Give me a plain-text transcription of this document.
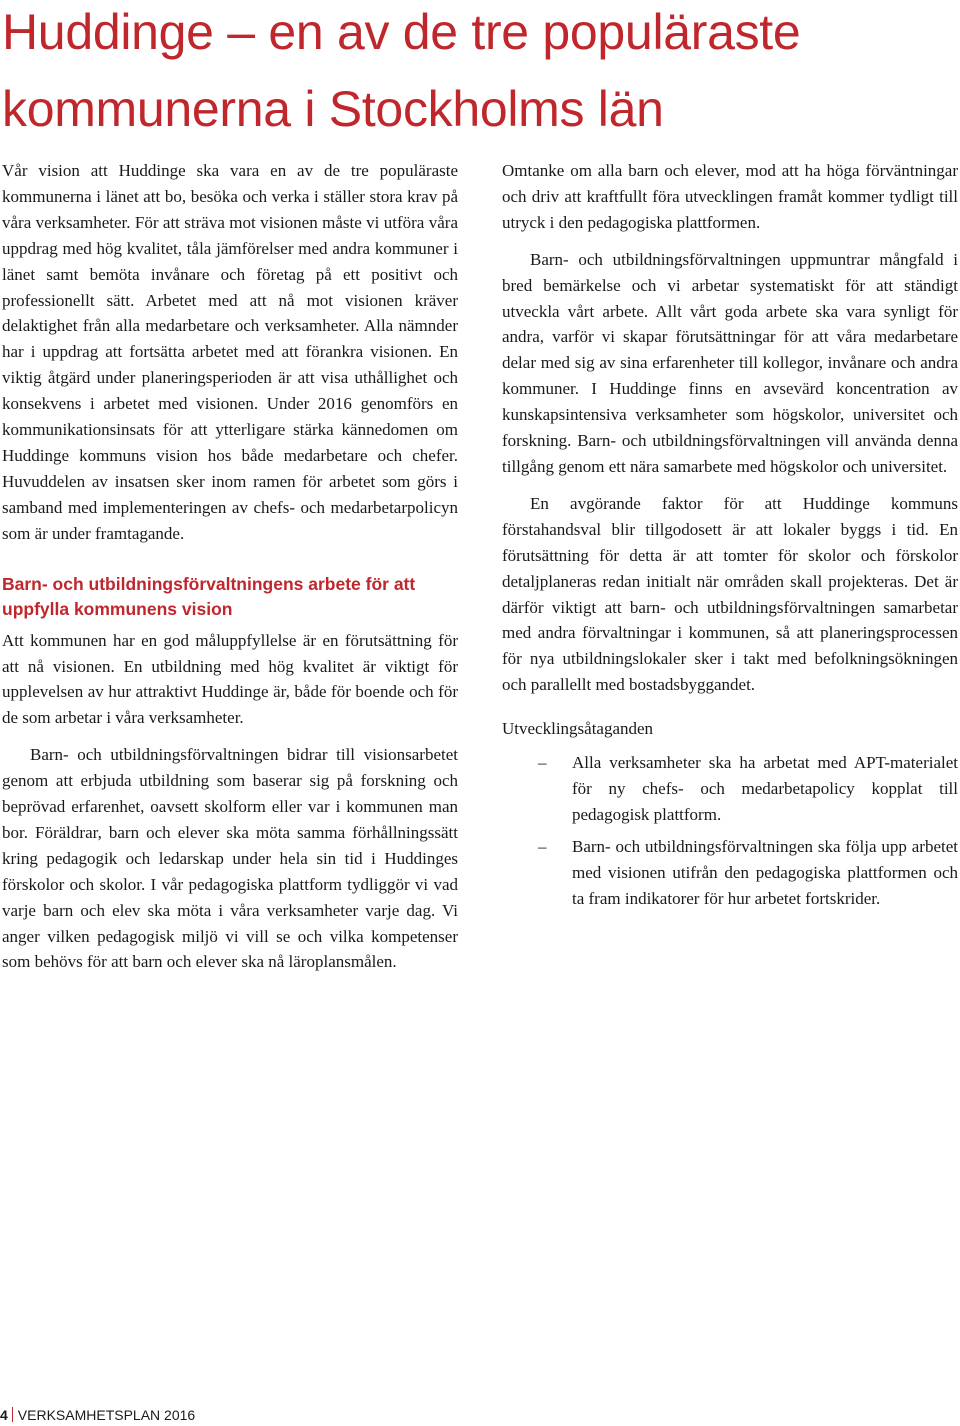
Huddinge – en av de tre populäraste kommunerna i Stockholms län

Vår vision att Huddinge ska vara en av de tre populäraste kommunerna i länet att bo, besöka och verka i ställer stora krav på våra verksamheter. För att sträva mot visionen måste vi utföra våra uppdrag med hög kvalitet, tåla jämförelser med andra kommuner i länet samt bemöta invånare och företag på ett positivt och professionellt sätt. Arbetet med att nå mot visionen kräver delaktighet från alla medarbetare och verksamheter. Alla nämnder har i uppdrag att fortsätta arbetet med att förankra visionen. En viktig åtgärd under planeringsperioden är att visa uthållighet och konsekvens i arbetet med visionen. Under 2016 genomförs en kommunikationsinsats för att ytterligare stärka kännedomen om Huddinge kommuns vision hos både medarbetare och chefer. Huvuddelen av insatsen sker inom ramen för arbetet som görs i samband med implementeringen av chefs- och medarbetarpolicyn som är under framtagande.

Barn- och utbildningsförvaltningens arbete för att uppfylla kommunens vision

Att kommunen har en god måluppfyllelse är en förutsättning för att nå visionen. En utbildning med hög kvalitet är viktigt för upplevelsen av hur attraktivt Huddinge är, både för boende och för de som arbetar i våra verksamheter.

Barn- och utbildningsförvaltningen bidrar till visionsarbetet genom att erbjuda utbildning som baserar sig på forskning och beprövad erfarenhet, oavsett skolform eller var i kommunen man bor. Föräldrar, barn och elever ska möta samma förhållningssätt kring pedagogik och ledarskap under hela sin tid i Huddinges förskolor och skolor. I vår pedagogiska plattform tydliggör vi vad varje barn och elev ska möta i våra verksamheter varje dag. Vi anger vilken pedagogisk miljö vi vill se och vilka kompetenser som behövs för att barn och elever ska nå läroplansmålen.

Omtanke om alla barn och elever, mod att ha höga förväntningar och driv att kraftfullt föra utvecklingen framåt kommer tydligt till utryck i den pedagogiska plattformen.

Barn- och utbildningsförvaltningen uppmuntrar mångfald i bred bemärkelse och vi arbetar systematiskt för att ständigt utveckla vårt arbete. Allt vårt goda arbete ska vara synligt för andra, varför vi skapar förutsättningar för att våra medarbetare delar med sig av sina erfarenheter till kollegor, invånare och andra kommuner. I Huddinge finns en avsevärd koncentration av kunskapsintensiva verksamheter som högskolor, universitet och forskning. Barn- och utbildningsförvaltningen vill använda denna tillgång genom ett nära samarbete med högskolor och universitet.

En avgörande faktor för att Huddinge kommuns förstahandsval blir tillgodosett är att lokaler byggs i tid. En förutsättning för detta är att tomter för skolor och förskolor detaljplaneras redan initialt när områden skall projekteras. Det är därför viktigt att barn- och utbildningsförvaltningen samarbetar med andra förvaltningar i kommunen, så att planeringsprocessen för nya utbildningslokaler sker i takt med befolkningsökningen och parallellt med bostadsbyggandet.

Utvecklingsåtaganden
– Alla verksamheter ska ha arbetat med APT-materialet för ny chefs- och medarbetapolicy kopplat till pedagogisk plattform.
– Barn- och utbildningsförvaltningen ska följa upp arbetet med visionen utifrån den pedagogiska plattformen och ta fram indikatorer för hur arbetet fortskrider.
4 VERKSAMHETSPLAN 2016
